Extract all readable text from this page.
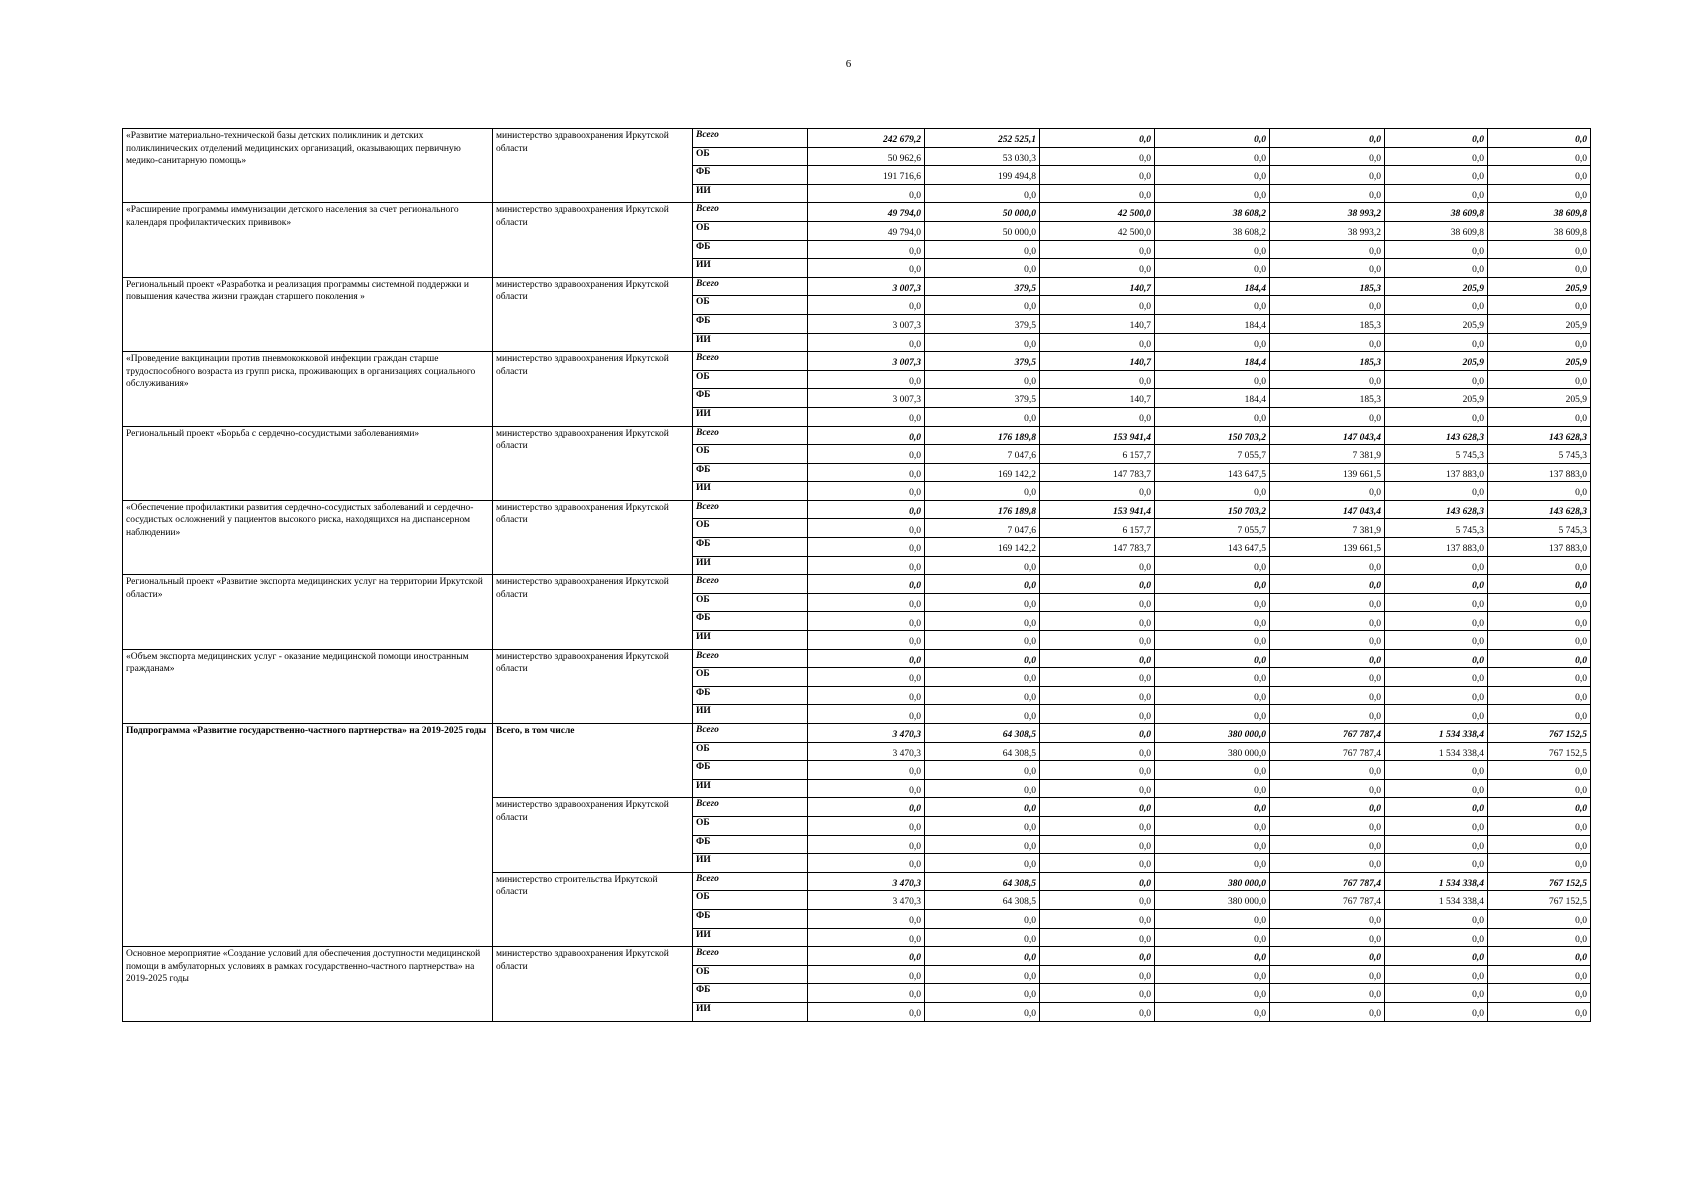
6
«Развитие материально-технической базы детских поликлиник и детских поликлинических отделений медицинских организаций, оказывающих первичную медико-санитарную помощь»	министерство здравоохранения Иркутской области	Всего	242 679,2	252 525,1	0,0	0,0	0,0	0,0	0,0
		ОБ	50 962,6	53 030,3	0,0	0,0	0,0	0,0	0,0
		ФБ	191 716,6	199 494,8	0,0	0,0	0,0	0,0	0,0
		ИИ	0,0	0,0	0,0	0,0	0,0	0,0	0,0
«Расширение программы иммунизации детского населения за счет регионального календаря профилактических прививок»	министерство здравоохранения Иркутской области	Всего	49 794,0	50 000,0	42 500,0	38 608,2	38 993,2	38 609,8	38 609,8
		ОБ	49 794,0	50 000,0	42 500,0	38 608,2	38 993,2	38 609,8	38 609,8
		ФБ	0,0	0,0	0,0	0,0	0,0	0,0	0,0
		ИИ	0,0	0,0	0,0	0,0	0,0	0,0	0,0
Региональный проект «Разработка и реализация программы системной поддержки и повышения качества жизни граждан старшего поколения »	министерство здравоохранения Иркутской области	Всего	3 007,3	379,5	140,7	184,4	185,3	205,9	205,9
		ОБ	0,0	0,0	0,0	0,0	0,0	0,0	0,0
		ФБ	3 007,3	379,5	140,7	184,4	185,3	205,9	205,9
		ИИ	0,0	0,0	0,0	0,0	0,0	0,0	0,0
«Проведение вакцинации против пневмококковой инфекции граждан старше трудоспособного возраста из групп риска, проживающих в организациях социального обслуживания»	министерство здравоохранения Иркутской области	Всего	3 007,3	379,5	140,7	184,4	185,3	205,9	205,9
		ОБ	0,0	0,0	0,0	0,0	0,0	0,0	0,0
		ФБ	3 007,3	379,5	140,7	184,4	185,3	205,9	205,9
		ИИ	0,0	0,0	0,0	0,0	0,0	0,0	0,0
Региональный проект «Борьба с сердечно-сосудистыми заболеваниями»	министерство здравоохранения Иркутской области	Всего	0,0	176 189,8	153 941,4	150 703,2	147 043,4	143 628,3	143 628,3
		ОБ	0,0	7 047,6	6 157,7	7 055,7	7 381,9	5 745,3	5 745,3
		ФБ	0,0	169 142,2	147 783,7	143 647,5	139 661,5	137 883,0	137 883,0
		ИИ	0,0	0,0	0,0	0,0	0,0	0,0	0,0
«Обеспечение профилактики развития сердечно-сосудистых заболеваний и сердечно-сосудистых осложнений у пациентов высокого риска, находящихся на диспансерном наблюдении»	министерство здравоохранения Иркутской области	Всего	0,0	176 189,8	153 941,4	150 703,2	147 043,4	143 628,3	143 628,3
		ОБ	0,0	7 047,6	6 157,7	7 055,7	7 381,9	5 745,3	5 745,3
		ФБ	0,0	169 142,2	147 783,7	143 647,5	139 661,5	137 883,0	137 883,0
		ИИ	0,0	0,0	0,0	0,0	0,0	0,0	0,0
Региональный проект «Развитие экспорта медицинских услуг на территории Иркутской области»	министерство здравоохранения Иркутской области	Всего	0,0	0,0	0,0	0,0	0,0	0,0	0,0
		ОБ	0,0	0,0	0,0	0,0	0,0	0,0	0,0
		ФБ	0,0	0,0	0,0	0,0	0,0	0,0	0,0
		ИИ	0,0	0,0	0,0	0,0	0,0	0,0	0,0
«Объем экспорта медицинских услуг - оказание медицинской помощи иностранным гражданам»	министерство здравоохранения Иркутской области	Всего	0,0	0,0	0,0	0,0	0,0	0,0	0,0
		ОБ	0,0	0,0	0,0	0,0	0,0	0,0	0,0
		ФБ	0,0	0,0	0,0	0,0	0,0	0,0	0,0
		ИИ	0,0	0,0	0,0	0,0	0,0	0,0	0,0
Подпрограмма «Развитие государственно-частного партнерства» на 2019-2025 годы	Всего, в том числе	Всего	3 470,3	64 308,5	0,0	380 000,0	767 787,4	1 534 338,4	767 152,5
		ОБ	3 470,3	64 308,5	0,0	380 000,0	767 787,4	1 534 338,4	767 152,5
		ФБ	0,0	0,0	0,0	0,0	0,0	0,0	0,0
		ИИ	0,0	0,0	0,0	0,0	0,0	0,0	0,0
	министерство здравоохранения Иркутской области	Всего	0,0	0,0	0,0	0,0	0,0	0,0	0,0
		ОБ	0,0	0,0	0,0	0,0	0,0	0,0	0,0
		ФБ	0,0	0,0	0,0	0,0	0,0	0,0	0,0
		ИИ	0,0	0,0	0,0	0,0	0,0	0,0	0,0
	министерство строительства Иркутской области	Всего	3 470,3	64 308,5	0,0	380 000,0	767 787,4	1 534 338,4	767 152,5
		ОБ	3 470,3	64 308,5	0,0	380 000,0	767 787,4	1 534 338,4	767 152,5
		ФБ	0,0	0,0	0,0	0,0	0,0	0,0	0,0
		ИИ	0,0	0,0	0,0	0,0	0,0	0,0	0,0
Основное мероприятие «Создание условий для обеспечения доступности медицинской помощи в амбулаторных условиях в рамках государственно-частного партнерства» на 2019-2025 годы	министерство здравоохранения Иркутской области	Всего	0,0	0,0	0,0	0,0	0,0	0,0	0,0
		ОБ	0,0	0,0	0,0	0,0	0,0	0,0	0,0
		ФБ	0,0	0,0	0,0	0,0	0,0	0,0	0,0
		ИИ	0,0	0,0	0,0	0,0	0,0	0,0	0,0
